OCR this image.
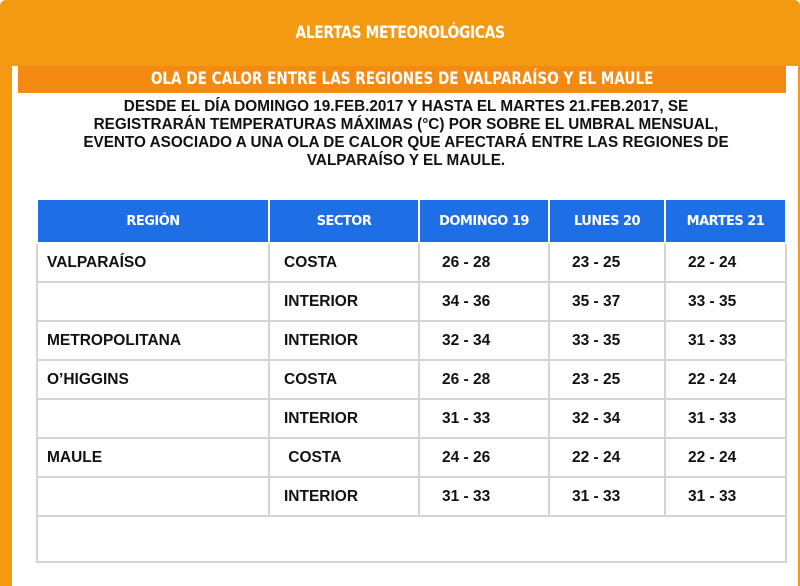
ALERTAS METEOROLÓGICAS
OLA DE CALOR ENTRE LAS REGIONES DE VALPARAÍSO Y EL MAULE
DESDE EL DÍA DOMINGO 19.FEB.2017 Y HASTA EL MARTES 21.FEB.2017, SE
REGISTRARÁN TEMPERATURAS MÁXIMAS (°C) POR SOBRE EL UMBRAL MENSUAL,
EVENTO ASOCIADO A UNA OLA DE CALOR QUE AFECTARÁ ENTRE LAS REGIONES DE
VALPARAÍSO Y EL MAULE.
REGIÓN	SECTOR	DOMINGO 19	LUNES 20	MARTES 21
VALPARAÍSO	COSTA	26 - 28	23 - 25	22 - 24
	INTERIOR	34 - 36	35 - 37	33 - 35
METROPOLITANA	INTERIOR	32 - 34	33 - 35	31 - 33
O’HIGGINS	COSTA	26 - 28	23 - 25	22 - 24
	INTERIOR	31 - 33	32 - 34	31 - 33
MAULE	COSTA	24 - 26	22 - 24	22 - 24
	INTERIOR	31 - 33	31 - 33	31 - 33
